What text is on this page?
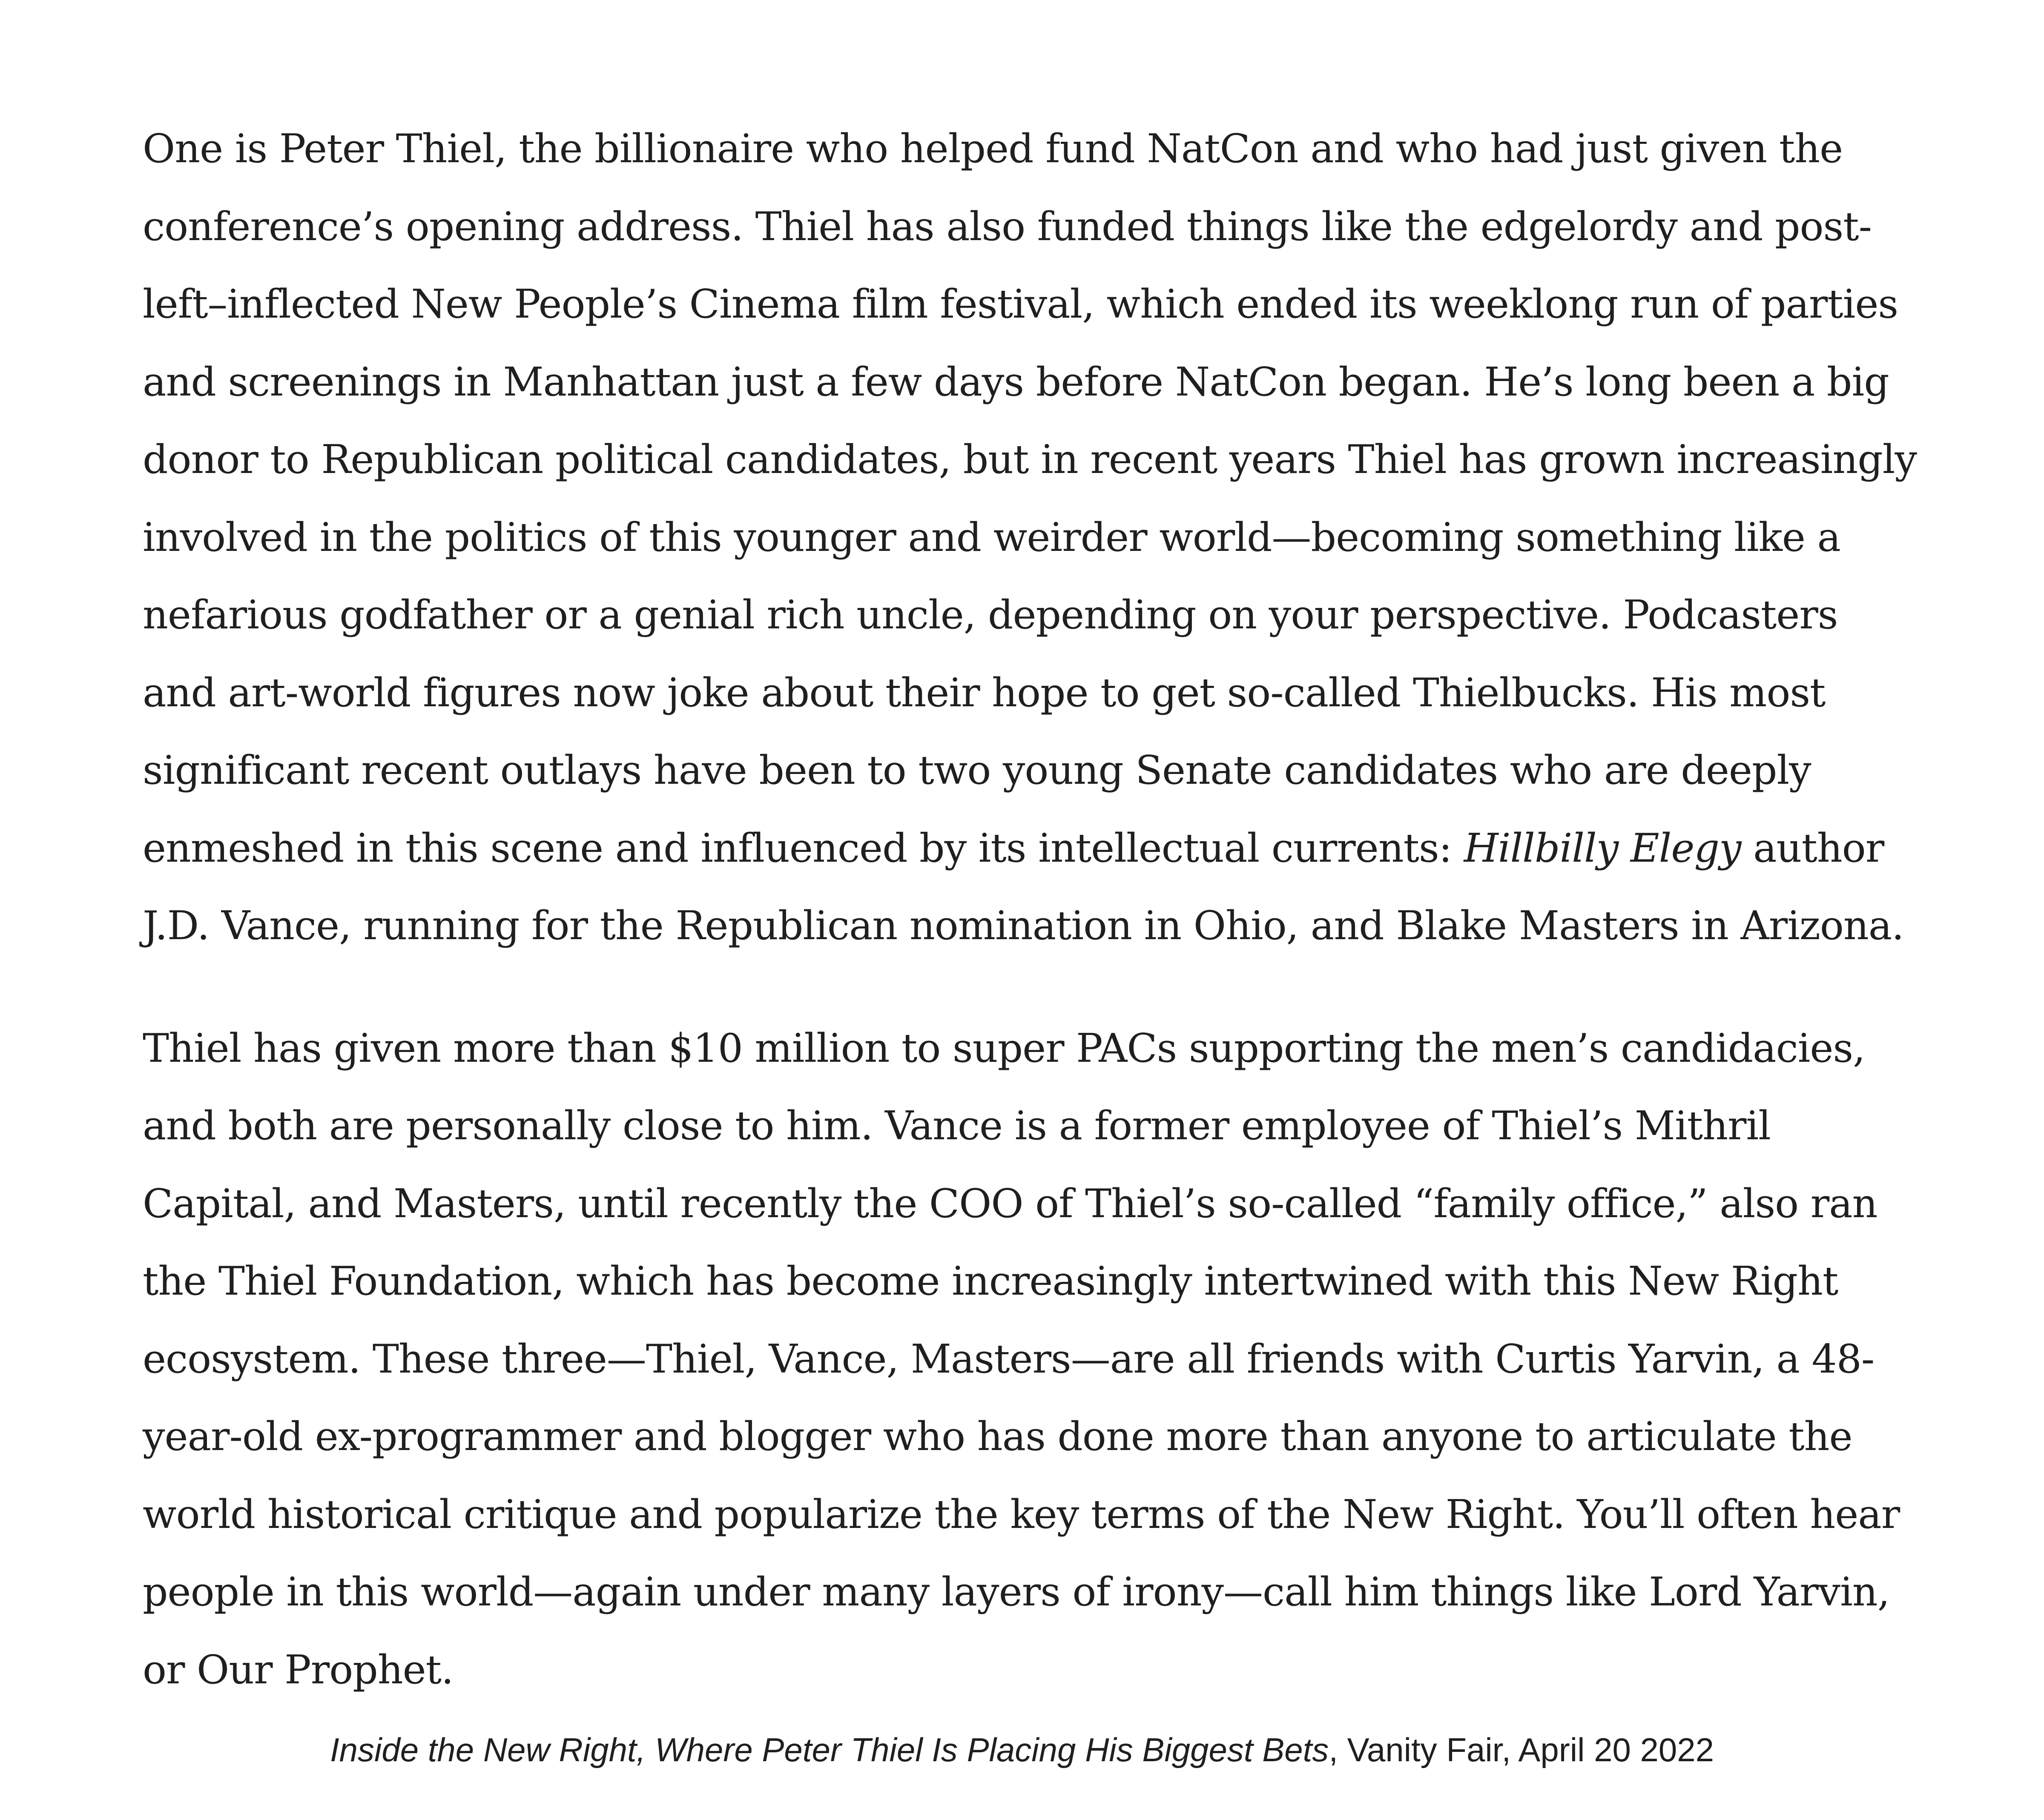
One is Peter Thiel, the billionaire who helped fund NatCon and who had just given the conference’s opening address. Thiel has also funded things like the edgelordy and post-left–inflected New People’s Cinema film festival, which ended its weeklong run of parties and screenings in Manhattan just a few days before NatCon began. He’s long been a big donor to Republican political candidates, but in recent years Thiel has grown increasingly involved in the politics of this younger and weirder world—becoming something like a nefarious godfather or a genial rich uncle, depending on your perspective. Podcasters and art-world figures now joke about their hope to get so-called Thielbucks. His most significant recent outlays have been to two young Senate candidates who are deeply enmeshed in this scene and influenced by its intellectual currents: Hillbilly Elegy author J.D. Vance, running for the Republican nomination in Ohio, and Blake Masters in Arizona.

Thiel has given more than $10 million to super PACs supporting the men’s candidacies, and both are personally close to him. Vance is a former employee of Thiel’s Mithril Capital, and Masters, until recently the COO of Thiel’s so-called “family office,” also ran the Thiel Foundation, which has become increasingly intertwined with this New Right ecosystem. These three—Thiel, Vance, Masters—are all friends with Curtis Yarvin, a 48-year-old ex-programmer and blogger who has done more than anyone to articulate the world historical critique and popularize the key terms of the New Right. You’ll often hear people in this world—again under many layers of irony—call him things like Lord Yarvin, or Our Prophet.

Inside the New Right, Where Peter Thiel Is Placing His Biggest Bets, Vanity Fair, April 20 2022
